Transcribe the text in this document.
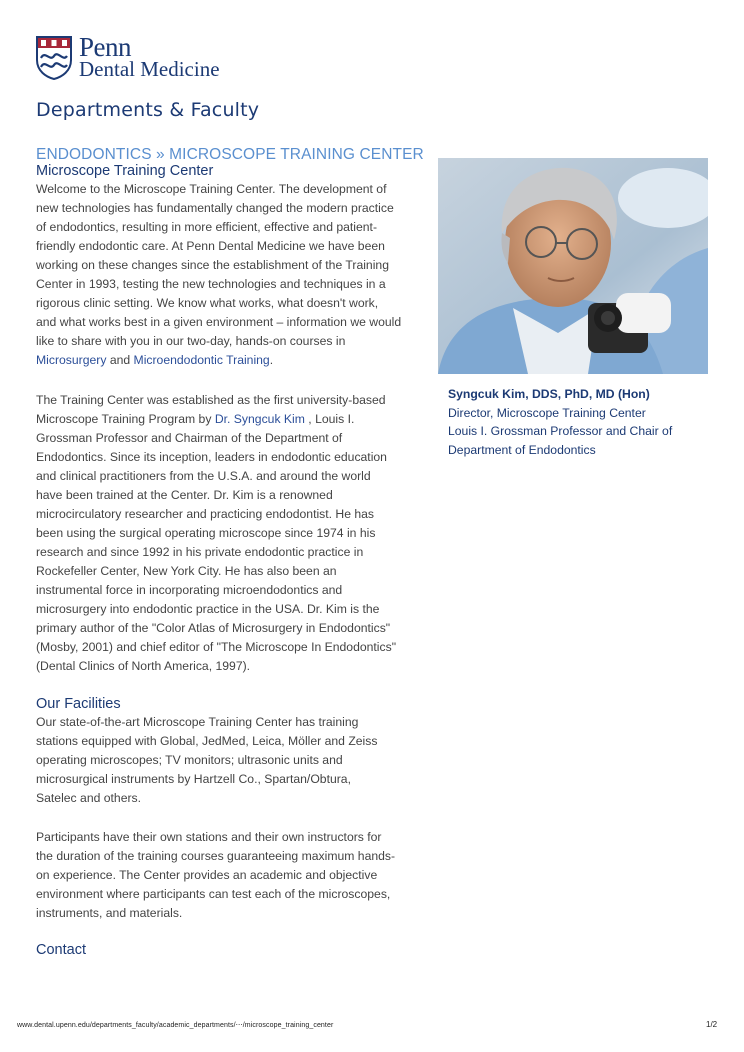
Penn
Dental Medicine
Departments & Faculty
ENDODONTICS » MICROSCOPE TRAINING CENTER
Microscope Training Center
Welcome to the Microscope Training Center. The development of
new technologies has fundamentally changed the modern practice
of endodontics, resulting in more efficient, effective and patient-
friendly endodontic care. At Penn Dental Medicine we have been
working on these changes since the establishment of the Training
Center in 1993, testing the new technologies and techniques in a
rigorous clinic setting. We know what works, what doesn't work,
and what works best in a given environment – information we would
like to share with you in our two-day, hands-on courses in
Microsurgery and Microendodontic Training.
The Training Center was established as the first university-based
Microscope Training Program by Dr. Syngcuk Kim , Louis I.
Grossman Professor and Chairman of the Department of
Endodontics. Since its inception, leaders in endodontic education
and clinical practitioners from the U.S.A. and around the world
have been trained at the Center. Dr. Kim is a renowned
microcirculatory researcher and practicing endodontist. He has
been using the surgical operating microscope since 1974 in his
research and since 1992 in his private endodontic practice in
Rockefeller Center, New York City. He has also been an
instrumental force in incorporating microendodontics and
microsurgery into endodontic practice in the USA. Dr. Kim is the
primary author of the "Color Atlas of Microsurgery in Endodontics"
(Mosby, 2001) and chief editor of "The Microscope In Endodontics"
(Dental Clinics of North America, 1997).
Our Facilities
Our state-of-the-art Microscope Training Center has training
stations equipped with Global, JedMed, Leica, Möller and Zeiss
operating microscopes; TV monitors; ultrasonic units and
microsurgical instruments by Hartzell Co., Spartan/Obtura,
Satelec and others.
Participants have their own stations and their own instructors for
the duration of the training courses guaranteeing maximum hands-
on experience. The Center provides an academic and objective
environment where participants can test each of the microscopes,
instruments, and materials.
Contact
Syngcuk Kim, DDS, PhD, MD (Hon)
Director, Microscope Training Center
Louis I. Grossman Professor and Chair of
Department of Endodontics
www.dental.upenn.edu/departments_faculty/academic_departments/⋯/microscope_training_center	1/2
